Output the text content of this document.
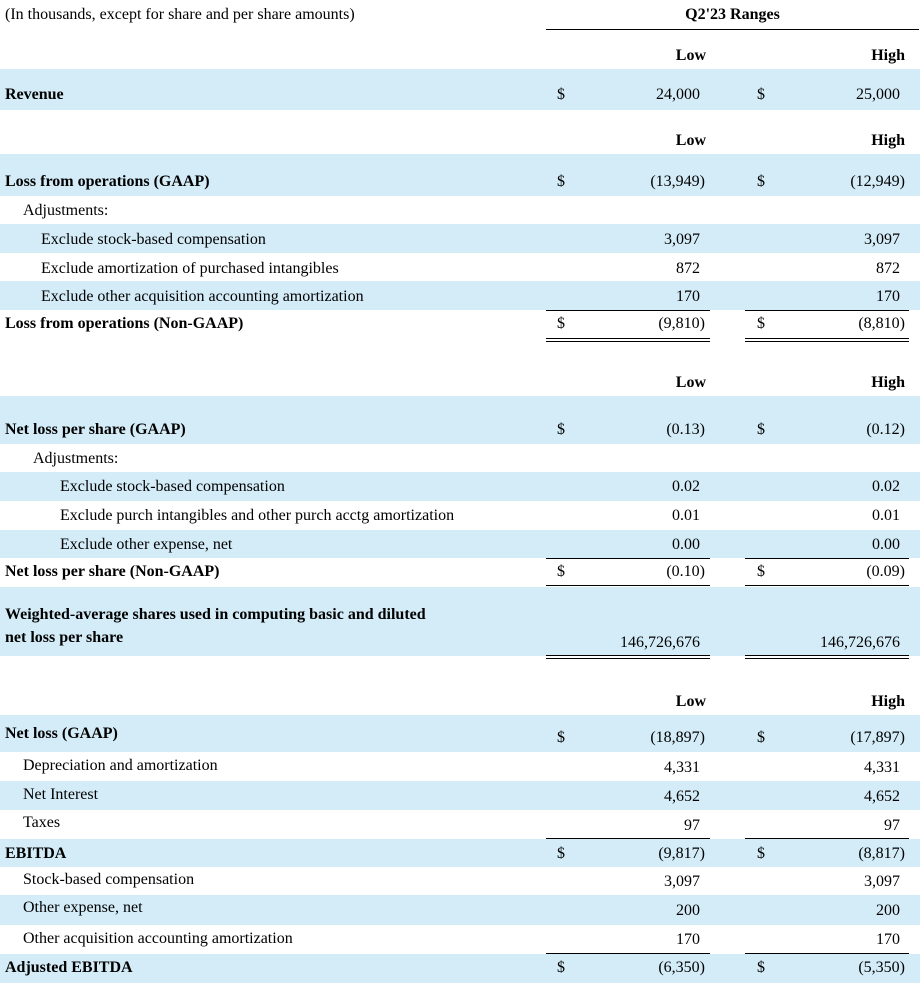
(In thousands, except for share and per share amounts)	Q2'23 Ranges
Low	High
Revenue	$	24,000	$	25,000
Low	High
Loss from operations (GAAP)	$	(13,949)	$	(12,949)
Adjustments:
Exclude stock-based compensation	3,097	3,097
Exclude amortization of purchased intangibles	872	872
Exclude other acquisition accounting amortization	170	170
Loss from operations (Non-GAAP)	$	(9,810)	$	(8,810)
Low	High
Net loss per share (GAAP)	$	(0.13)	$	(0.12)
Adjustments:
Exclude stock-based compensation	0.02	0.02
Exclude purch intangibles and other purch acctg amortization	0.01	0.01
Exclude other expense, net	0.00	0.00
Net loss per share (Non-GAAP)	$	(0.10)	$	(0.09)
Weighted-average shares used in computing basic and diluted
net loss per share	146,726,676	146,726,676
Low	High
Net loss (GAAP)	$	(18,897)	$	(17,897)
Depreciation and amortization	4,331	4,331
Net Interest	4,652	4,652
Taxes	97	97
EBITDA	$	(9,817)	$	(8,817)
Stock-based compensation	3,097	3,097
Other expense, net	200	200
Other acquisition accounting amortization	170	170
Adjusted EBITDA	$	(6,350)	$	(5,350)
